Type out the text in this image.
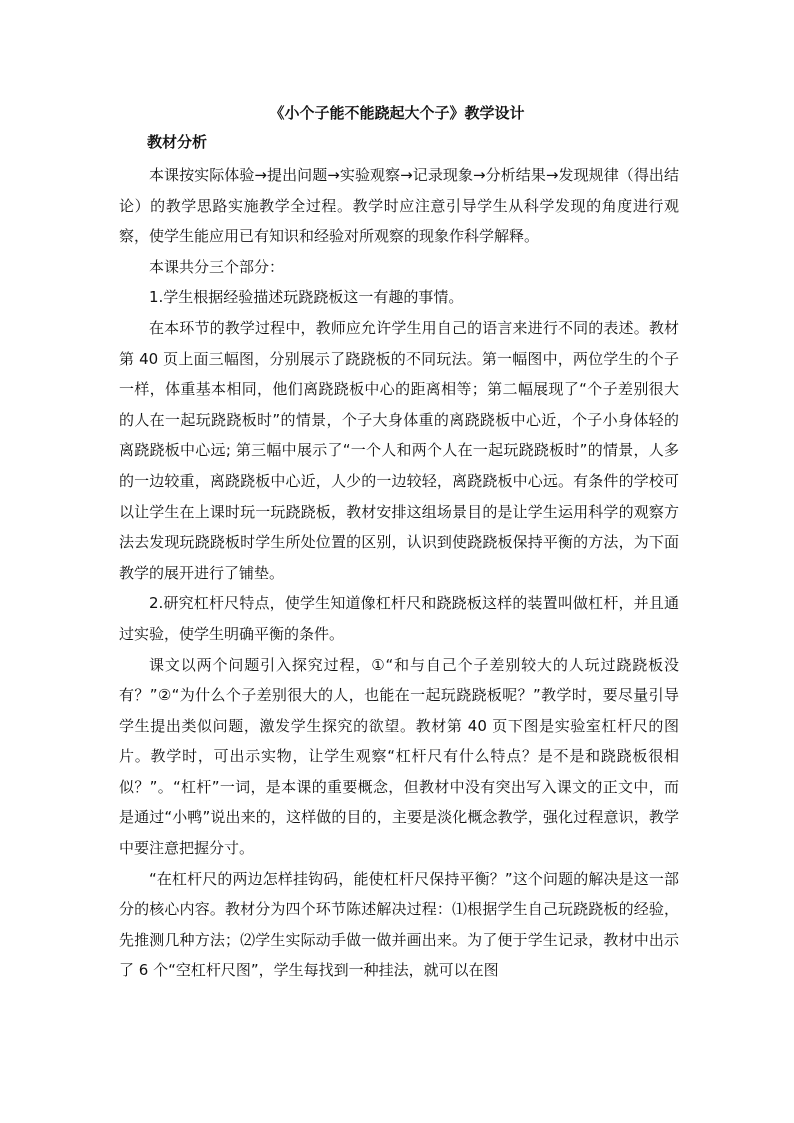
《小个子能不能跷起大个子》教学设计
教材分析

本课按实际体验→提出问题→实验观察→记录现象→分析结果→发现规律（得出结论）的教学思路实施教学全过程。教学时应注意引导学生从科学发现的角度进行观察，使学生能应用已有知识和经验对所观察的现象作科学解释。

本课共分三个部分：

1.学生根据经验描述玩跷跷板这一有趣的事情。

在本环节的教学过程中，教师应允许学生用自己的语言来进行不同的表述。教材第 40 页上面三幅图，分别展示了跷跷板的不同玩法。第一幅图中，两位学生的个子一样，体重基本相同，他们离跷跷板中心的距离相等；第二幅展现了“个子差别很大的人在一起玩跷跷板时”的情景，个子大身体重的离跷跷板中心近，个子小身体轻的离跷跷板中心远; 第三幅中展示了“一个人和两个人在一起玩跷跷板时”的情景，人多的一边较重，离跷跷板中心近，人少的一边较轻，离跷跷板中心远。有条件的学校可以让学生在上课时玩一玩跷跷板，教材安排这组场景目的是让学生运用科学的观察方法去发现玩跷跷板时学生所处位置的区别，认识到使跷跷板保持平衡的方法，为下面教学的展开进行了铺垫。

2.研究杠杆尺特点，使学生知道像杠杆尺和跷跷板这样的装置叫做杠杆，并且通过实验，使学生明确平衡的条件。

课文以两个问题引入探究过程，①“和与自己个子差别较大的人玩过跷跷板没有？”②“为什么个子差别很大的人，也能在一起玩跷跷板呢？”教学时，要尽量引导学生提出类似问题，激发学生探究的欲望。教材第 40 页下图是实验室杠杆尺的图片。教学时，可出示实物，让学生观察“杠杆尺有什么特点？是不是和跷跷板很相似？”。“杠杆”一词，是本课的重要概念，但教材中没有突出写入课文的正文中，而是通过“小鸭”说出来的，这样做的目的，主要是淡化概念教学，强化过程意识，教学中要注意把握分寸。

“在杠杆尺的两边怎样挂钩码，能使杠杆尺保持平衡？”这个问题的解决是这一部分的核心内容。教材分为四个环节陈述解决过程：⑴根据学生自己玩跷跷板的经验，先推测几种方法；⑵学生实际动手做一做并画出来。为了便于学生记录，教材中出示了 6 个“空杠杆尺图”，学生每找到一种挂法，就可以在图
